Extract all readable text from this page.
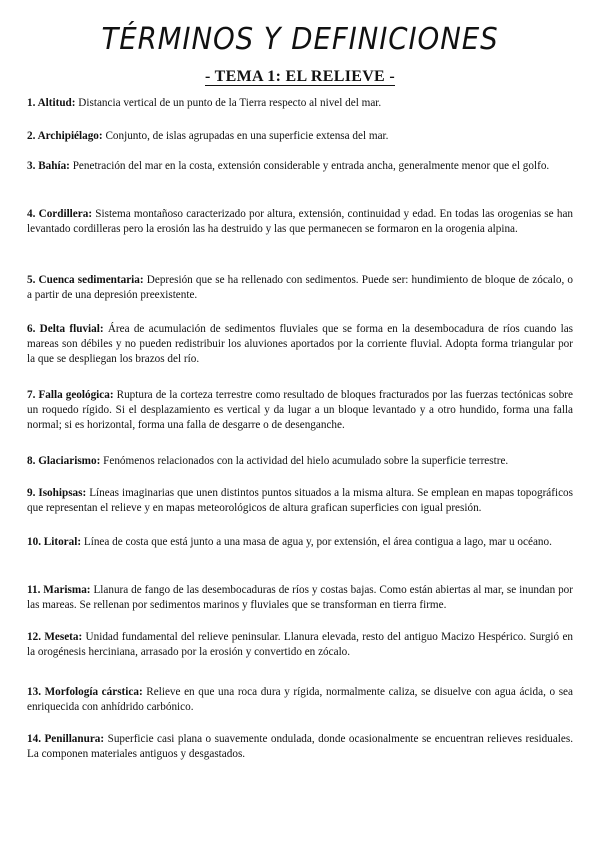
TÉRMINOS Y DEFINICIONES
- TEMA 1: EL RELIEVE -

1. Altitud: Distancia vertical de un punto de la Tierra respecto al nivel del mar.

2. Archipiélago: Conjunto, de islas agrupadas en una superficie extensa del mar.

3. Bahía: Penetración del mar en la costa, extensión considerable y entrada ancha, generalmente menor que el golfo.

4. Cordillera: Sistema montañoso caracterizado por altura, extensión, continuidad y edad. En todas las orogenias se han levantado cordilleras pero la erosión las ha destruido y las que permanecen se formaron en la orogenia alpina.

5. Cuenca sedimentaria: Depresión que se ha rellenado con sedimentos. Puede ser: hundimiento de bloque de zócalo, o a partir de una depresión preexistente.

6. Delta fluvial: Área de acumulación de sedimentos fluviales que se forma en la desembocadura de ríos cuando las mareas son débiles y no pueden redistribuir los aluviones aportados por la corriente fluvial. Adopta forma triangular por la que se despliegan los brazos del río.

7. Falla geológica: Ruptura de la corteza terrestre como resultado de bloques fracturados por las fuerzas tectónicas sobre un roquedo rígido. Si el desplazamiento es vertical y da lugar a un bloque levantado y a otro hundido, forma una falla normal; si es horizontal, forma una falla de desgarre o de desenganche.

8. Glaciarismo: Fenómenos relacionados con la actividad del hielo acumulado sobre la superficie terrestre.

9. Isohipsas: Líneas imaginarias que unen distintos puntos situados a la misma altura. Se emplean en mapas topográficos que representan el relieve y en mapas meteorológicos de altura grafican superficies con igual presión.

10. Litoral: Línea de costa que está junto a una masa de agua y, por extensión, el área contigua a lago, mar u océano.

11. Marisma: Llanura de fango de las desembocaduras de ríos y costas bajas. Como están abiertas al mar, se inundan por las mareas. Se rellenan por sedimentos marinos y fluviales que se transforman en tierra firme.

12. Meseta: Unidad fundamental del relieve peninsular. Llanura elevada, resto del antiguo Macizo Hespérico. Surgió en la orogénesis herciniana, arrasado por la erosión y convertido en zócalo.

13. Morfología cárstica: Relieve en que una roca dura y rígida, normalmente caliza, se disuelve con agua ácida, o sea enriquecida con anhídrido carbónico.

14. Penillanura: Superficie casi plana o suavemente ondulada, donde ocasionalmente se encuentran relieves residuales. La componen materiales antiguos y desgastados.
